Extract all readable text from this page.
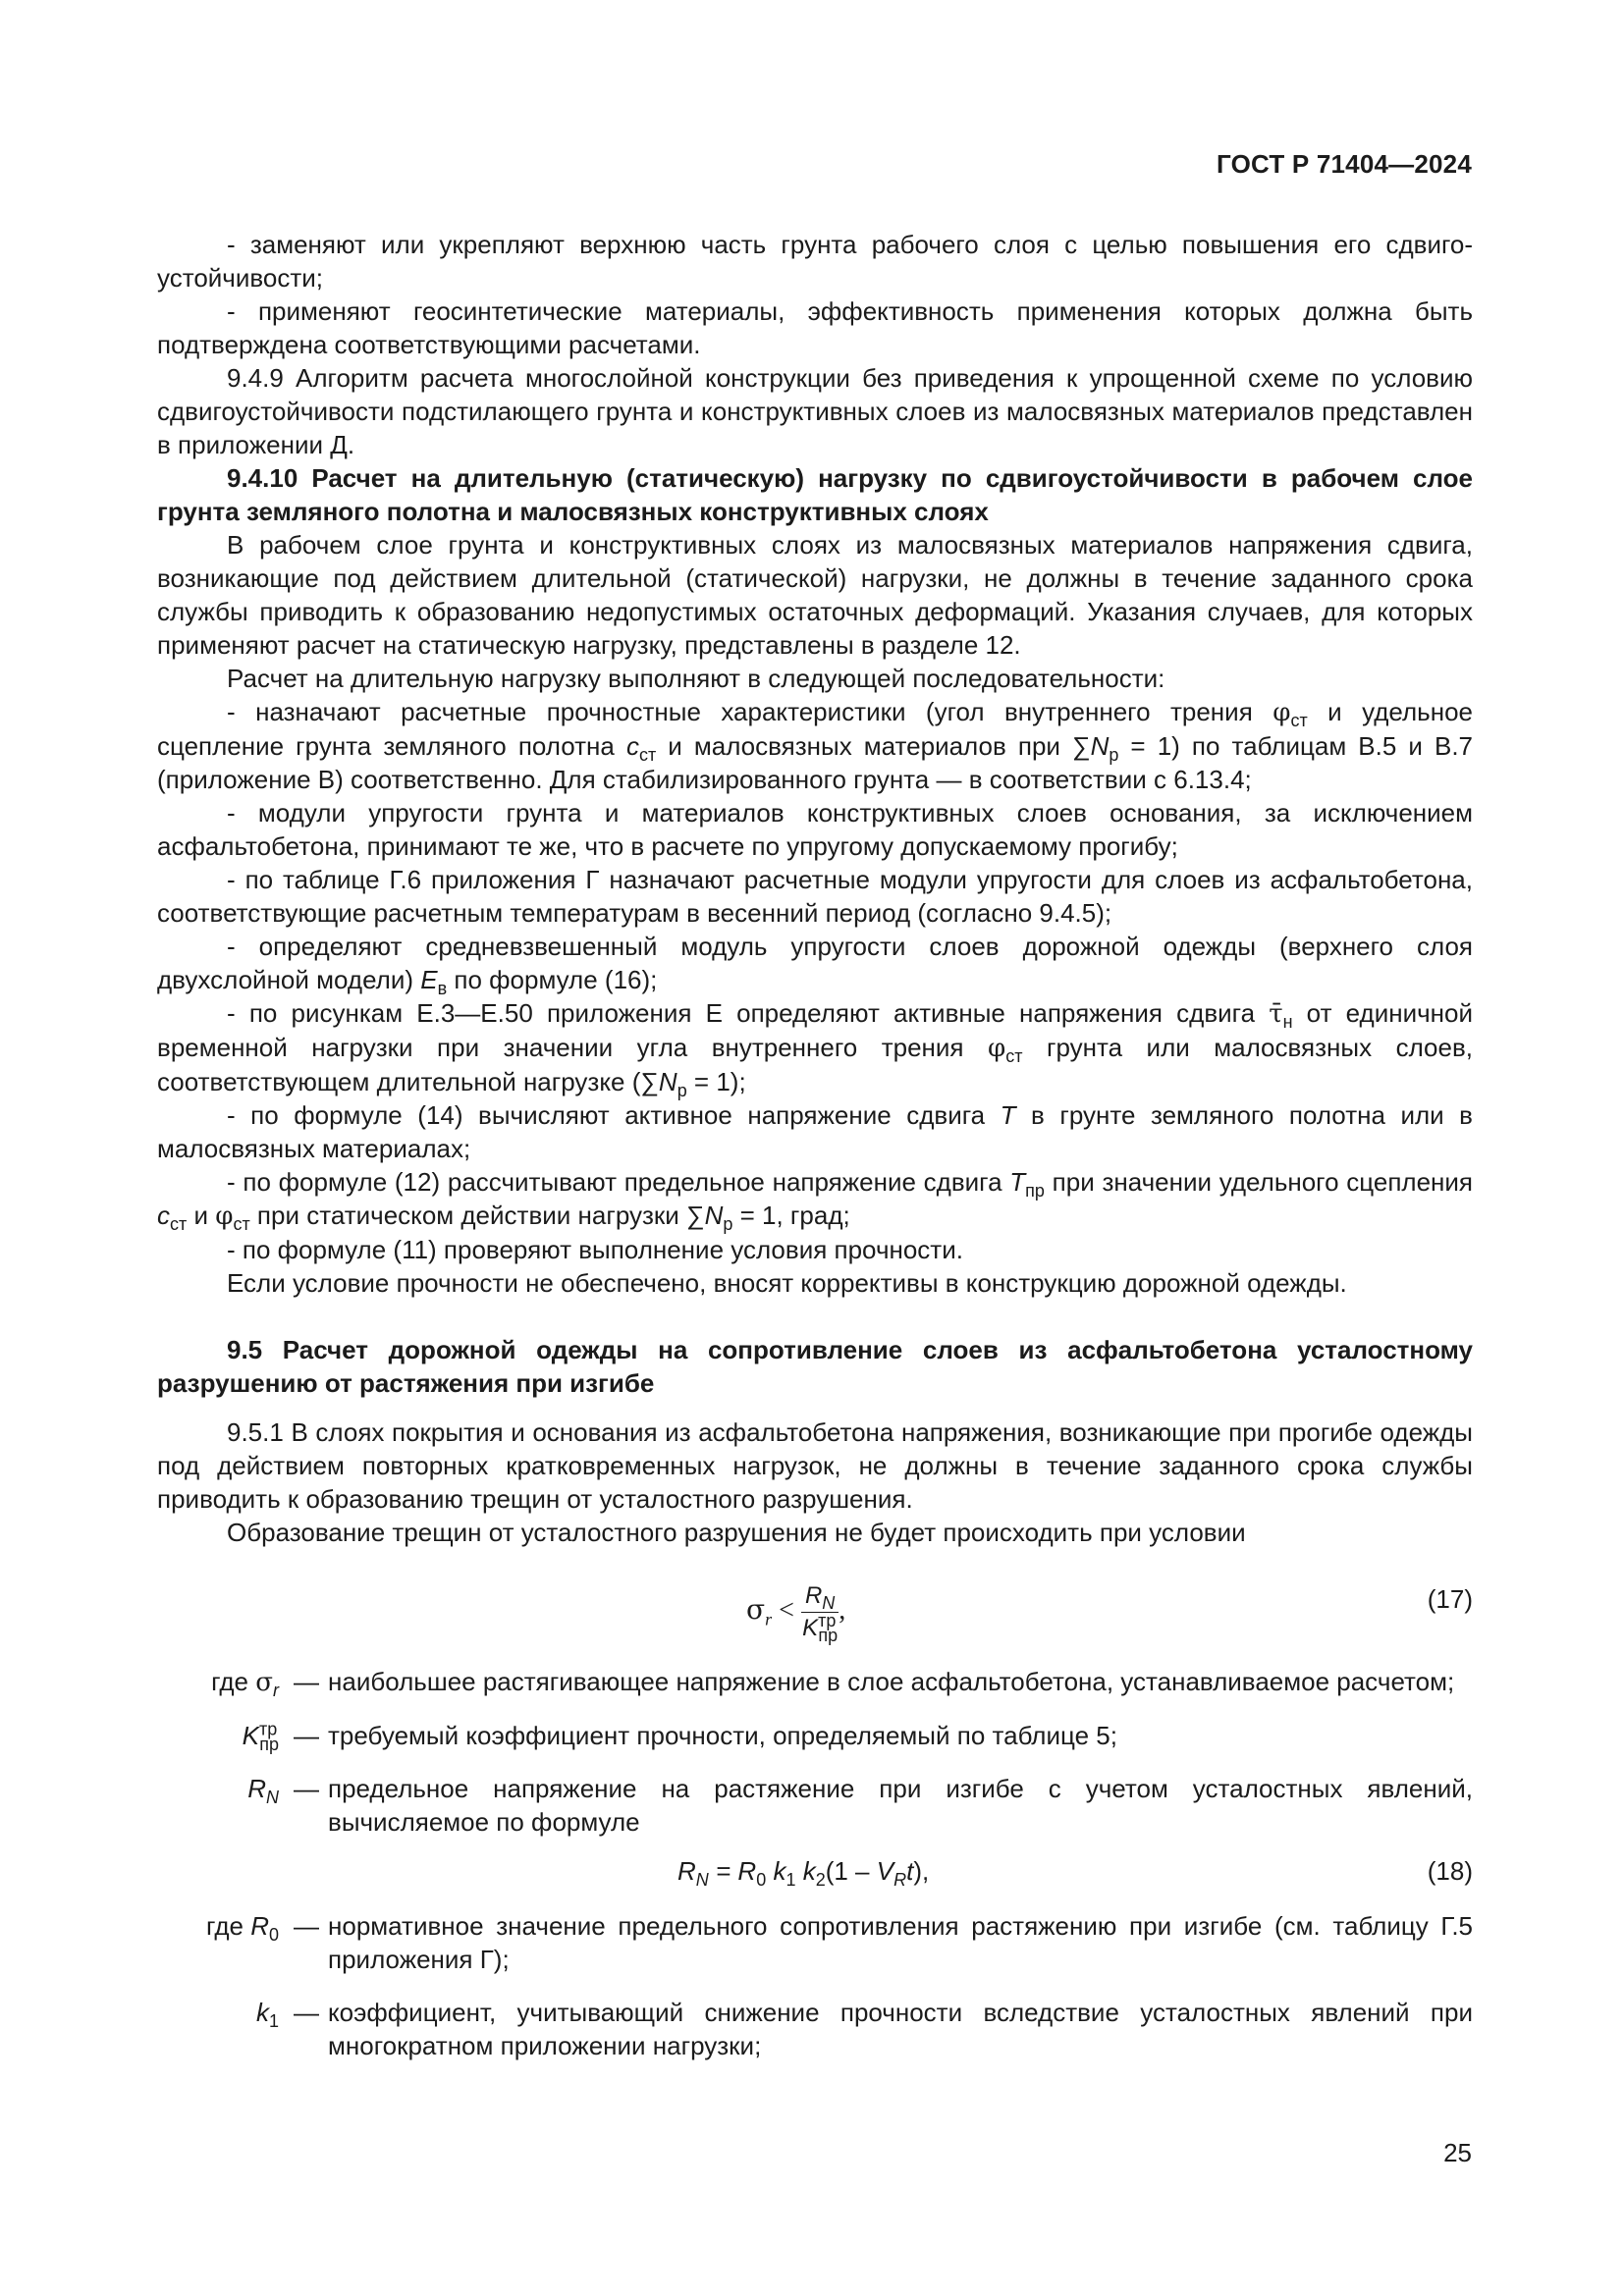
ГОСТ Р 71404—2024

- заменяют или укрепляют верхнюю часть грунта рабочего слоя с целью повышения его сдвиго-устойчивости;

- применяют геосинтетические материалы, эффективность применения которых должна быть подтверждена соответствующими расчетами.

9.4.9 Алгоритм расчета многослойной конструкции без приведения к упрощенной схеме по условию сдвигоустойчивости подстилающего грунта и конструктивных слоев из малосвязных материалов представлен в приложении Д.

9.4.10 Расчет на длительную (статическую) нагрузку по сдвигоустойчивости в рабочем слое грунта земляного полотна и малосвязных конструктивных слоях

В рабочем слое грунта и конструктивных слоях из малосвязных материалов напряжения сдвига, возникающие под действием длительной (статической) нагрузки, не должны в течение заданного срока службы приводить к образованию недопустимых остаточных деформаций. Указания случаев, для которых применяют расчет на статическую нагрузку, представлены в разделе 12.

Расчет на длительную нагрузку выполняют в следующей последовательности:

- назначают расчетные прочностные характеристики (угол внутреннего трения $\varphi_{ст}$ и удельное сцепление грунта земляного полотна $c_{ст}$ и малосвязных материалов при $\sum N_р = 1$) по таблицам В.5 и В.7 (приложение В) соответственно. Для стабилизированного грунта — в соответствии с 6.13.4;

- модули упругости грунта и материалов конструктивных слоев основания, за исключением асфальтобетона, принимают те же, что в расчете по упругому допускаемому прогибу;

- по таблице Г.6 приложения Г назначают расчетные модули упругости для слоев из асфальтобетона, соответствующие расчетным температурам в весенний период (согласно 9.4.5);

- определяют средневзвешенный модуль упругости слоев дорожной одежды (верхнего слоя двухслойной модели) $E_в$ по формуле (16);

- по рисункам Е.3—Е.50 приложения Е определяют активные напряжения сдвига $\taū_н$ от единичной временной нагрузки при значении угла внутреннего трения $\varphi_{ст}$ грунта или малосвязных слоев, соответствующем длительной нагрузке $(\sum N_р = 1)$;

- по формуле (14) вычисляют активное напряжение сдвига T в грунте земляного полотна или в малосвязных материалах;

- по формуле (12) рассчитывают предельное напряжение сдвига $T_{пр}$ при значении удельного сцепления $c_{ст}$ и $\varphi_{ст}$ при статическом действии нагрузки $\sum N_р = 1$, град;

- по формуле (11) проверяют выполнение условия прочности.

Если условие прочности не обеспечено, вносят коррективы в конструкцию дорожной одежды.

9.5 Расчет дорожной одежды на сопротивление слоев из асфальтобетона усталостному разрушению от растяжения при изгибе

9.5.1 В слоях покрытия и основания из асфальтобетона напряжения, возникающие при прогибе одежды под действием повторных кратковременных нагрузок, не должны в течение заданного срока службы приводить к образованию трещин от усталостного разрушения.

Образование трещин от усталостного разрушения не будет происходить при условии

$\sigma_r < \frac{R_N}{K^{тр}_{пр}}$ ,	(17)
где $\sigma_r$ — наибольшее растягивающее напряжение в слое асфальтобетона, устанавливаемое расчетом;
$K^{тр}_{пр}$ — требуемый коэффициент прочности, определяемый по таблице 5;
$R_N$ — предельное напряжение на растяжение при изгибе с учетом усталостных явлений, вычисляемое по формуле
$R_N = R_0$ $k_1$ $k_2(1 - V_Rt)$,	(18)
где $R_0$ — нормативное значение предельного сопротивления растяжению при изгибе (см. таблицу Г.5 приложения Г);
$k_1$ — коэффициент, учитывающий снижение прочности вследствие усталостных явлений при многократном приложении нагрузки;
25
